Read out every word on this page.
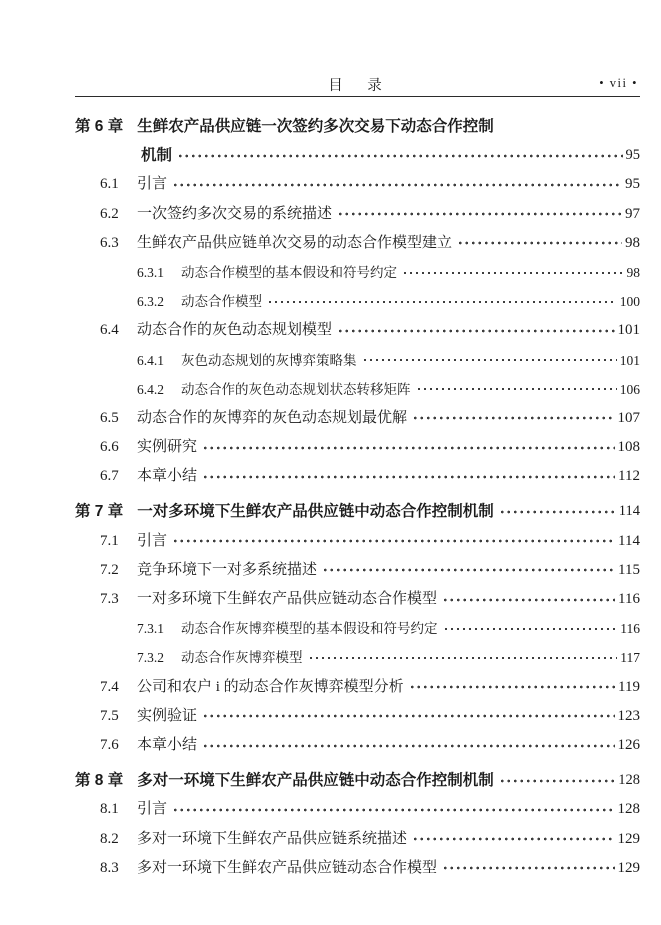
目　录	• vii •
第 6 章 生鲜农产品供应链一次签约多次交易下动态合作控制
机制	95
6.1	引言	95
6.2	一次签约多次交易的系统描述	97
6.3	生鲜农产品供应链单次交易的动态合作模型建立	98
6.3.1	动态合作模型的基本假设和符号约定	98
6.3.2	动态合作模型	100
6.4	动态合作的灰色动态规划模型	101
6.4.1	灰色动态规划的灰博弈策略集	101
6.4.2	动态合作的灰色动态规划状态转移矩阵	106
6.5	动态合作的灰博弈的灰色动态规划最优解	107
6.6	实例研究	108
6.7	本章小结	112
第 7 章 一对多环境下生鲜农产品供应链中动态合作控制机制	114
7.1	引言	114
7.2	竞争环境下一对多系统描述	115
7.3	一对多环境下生鲜农产品供应链动态合作模型	116
7.3.1	动态合作灰博弈模型的基本假设和符号约定	116
7.3.2	动态合作灰博弈模型	117
7.4	公司和农户 i 的动态合作灰博弈模型分析	119
7.5	实例验证	123
7.6	本章小结	126
第 8 章 多对一环境下生鲜农产品供应链中动态合作控制机制	128
8.1	引言	128
8.2	多对一环境下生鲜农产品供应链系统描述	129
8.3	多对一环境下生鲜农产品供应链动态合作模型	129
